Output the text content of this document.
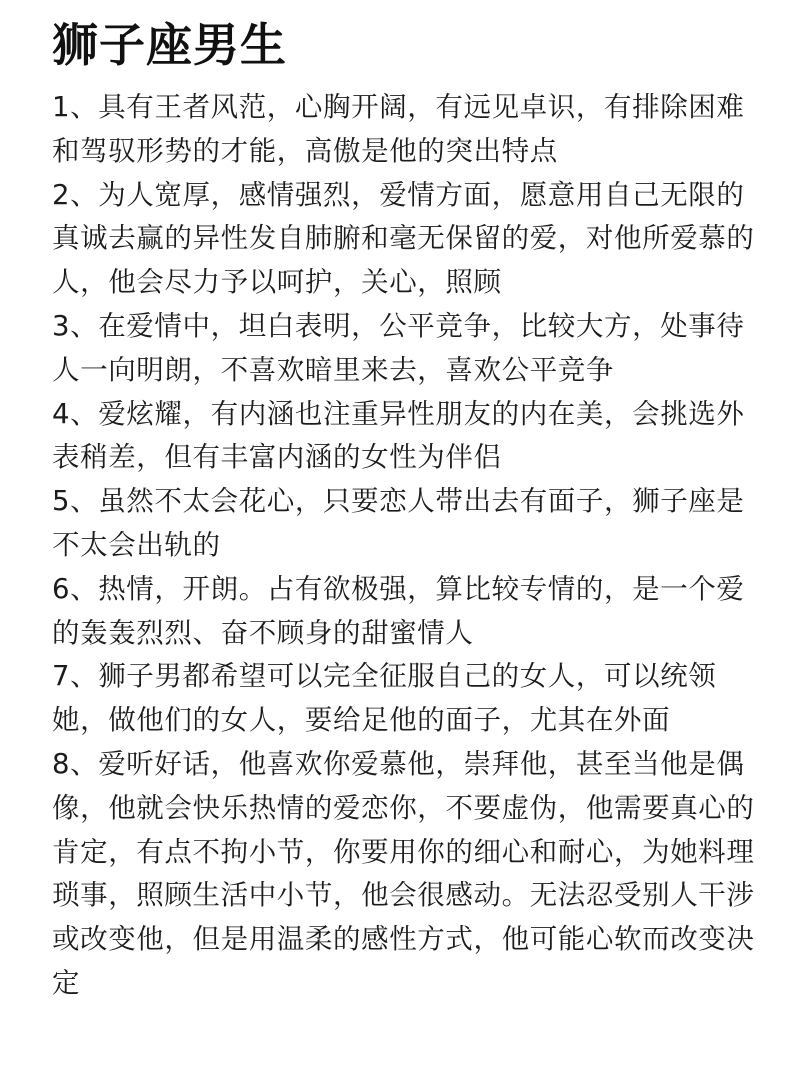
狮子座男生

1、具有王者风范，心胸开阔，有远见卓识，有排除困难和驾驭形势的才能，高傲是他的突出特点

2、为人宽厚，感情强烈，爱情方面，愿意用自己无限的真诚去赢的异性发自肺腑和毫无保留的爱，对他所爱慕的人，他会尽力予以呵护，关心，照顾

3、在爱情中，坦白表明，公平竞争，比较大方，处事待人一向明朗，不喜欢暗里来去，喜欢公平竞争

4、爱炫耀，有内涵也注重异性朋友的内在美，会挑选外表稍差，但有丰富内涵的女性为伴侣

5、虽然不太会花心，只要恋人带出去有面子，狮子座是不太会出轨的

6、热情，开朗。占有欲极强，算比较专情的，是一个爱的轰轰烈烈、奋不顾身的甜蜜情人

7、狮子男都希望可以完全征服自己的女人，可以统领她，做他们的女人，要给足他的面子，尤其在外面

8、爱听好话，他喜欢你爱慕他，崇拜他，甚至当他是偶像，他就会快乐热情的爱恋你，不要虚伪，他需要真心的肯定，有点不拘小节，你要用你的细心和耐心，为她料理琐事，照顾生活中小节，他会很感动。无法忍受别人干涉或改变他，但是用温柔的感性方式，他可能心软而改变决定
